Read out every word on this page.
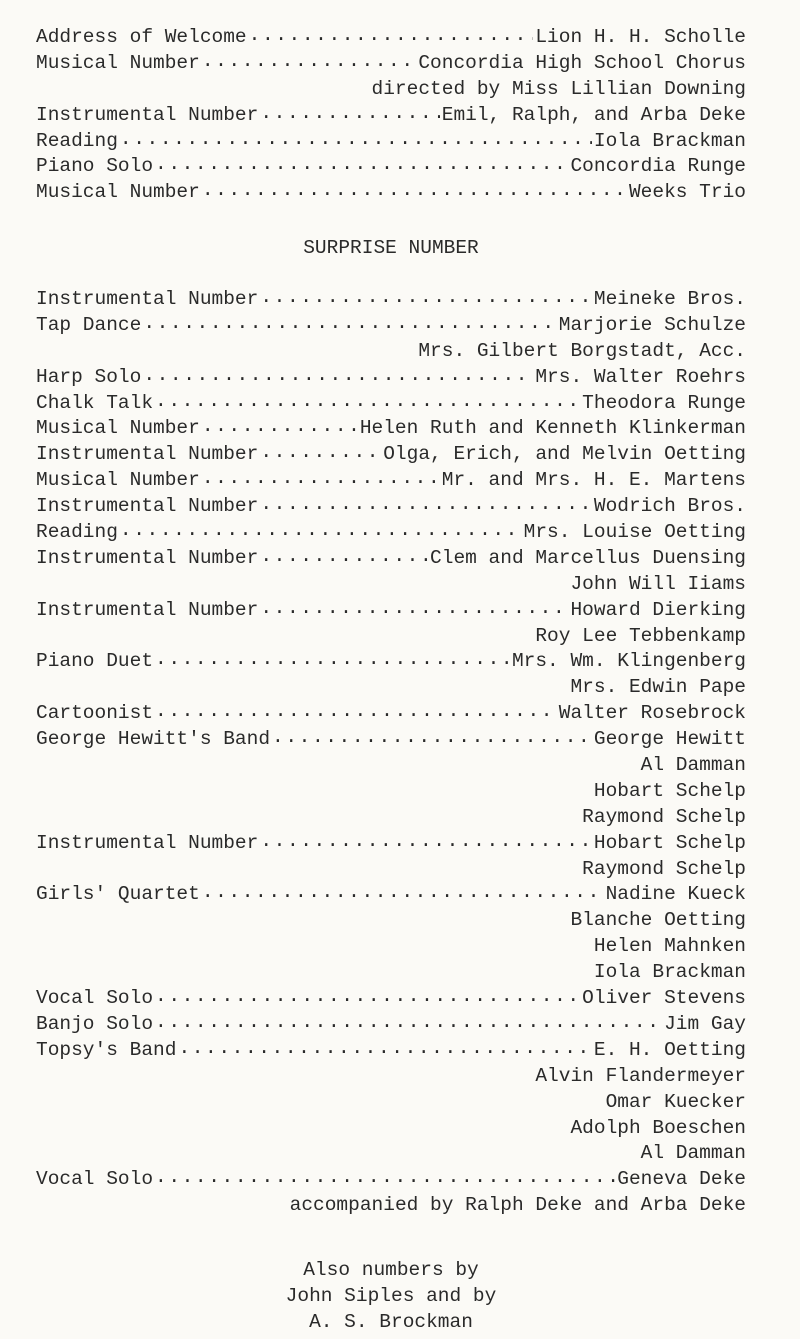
Address of Welcome .....	Lion H. H. Scholle
Musical Number .....	Concordia High School Chorus
directed by Miss Lillian Downing
Instrumental Number .....	Emil, Ralph, and Arba Deke
Reading .....	Iola Brackman
Piano Solo .....	Concordia Runge
Musical Number .....	Weeks Trio
SURPRISE NUMBER
Instrumental Number .....	Meineke Bros.
Tap Dance .....	Marjorie Schulze
Mrs. Gilbert Borgstadt, Acc.
Harp Solo .....	Mrs. Walter Roehrs
Chalk Talk .....	Theodora Runge
Musical Number .....	Helen Ruth and Kenneth Klinkerman
Instrumental Number .....	Olga, Erich, and Melvin Oetting
Musical Number .....	Mr. and Mrs. H. E. Martens
Instrumental Number .....	Wodrich Bros.
Reading .....	Mrs. Louise Oetting
Instrumental Number .....	Clem and Marcellus Duensing
John Will Iiams
Instrumental Number .....	Howard Dierking
Roy Lee Tebbenkamp
Piano Duet .....	Mrs. Wm. Klingenberg
Mrs. Edwin Pape
Cartoonist .....	Walter Rosebrock
George Hewitt's Band .....	George Hewitt
Al Damman
Hobart Schelp
Raymond Schelp
Instrumental Number .....	Hobart Schelp
Raymond Schelp
Girls' Quartet .....	Nadine Kueck
Blanche Oetting
Helen Mahnken
Iola Brackman
Vocal Solo .....	Oliver Stevens
Banjo Solo .....	Jim Gay
Topsy's Band .....	E. H. Oetting
Alvin Flandermeyer
Omar Kuecker
Adolph Boeschen
Al Damman
Vocal Solo .....	Geneva Deke
accompanied by Ralph Deke and Arba Deke
Also numbers by
John Siples and by
A. S. Brockman
